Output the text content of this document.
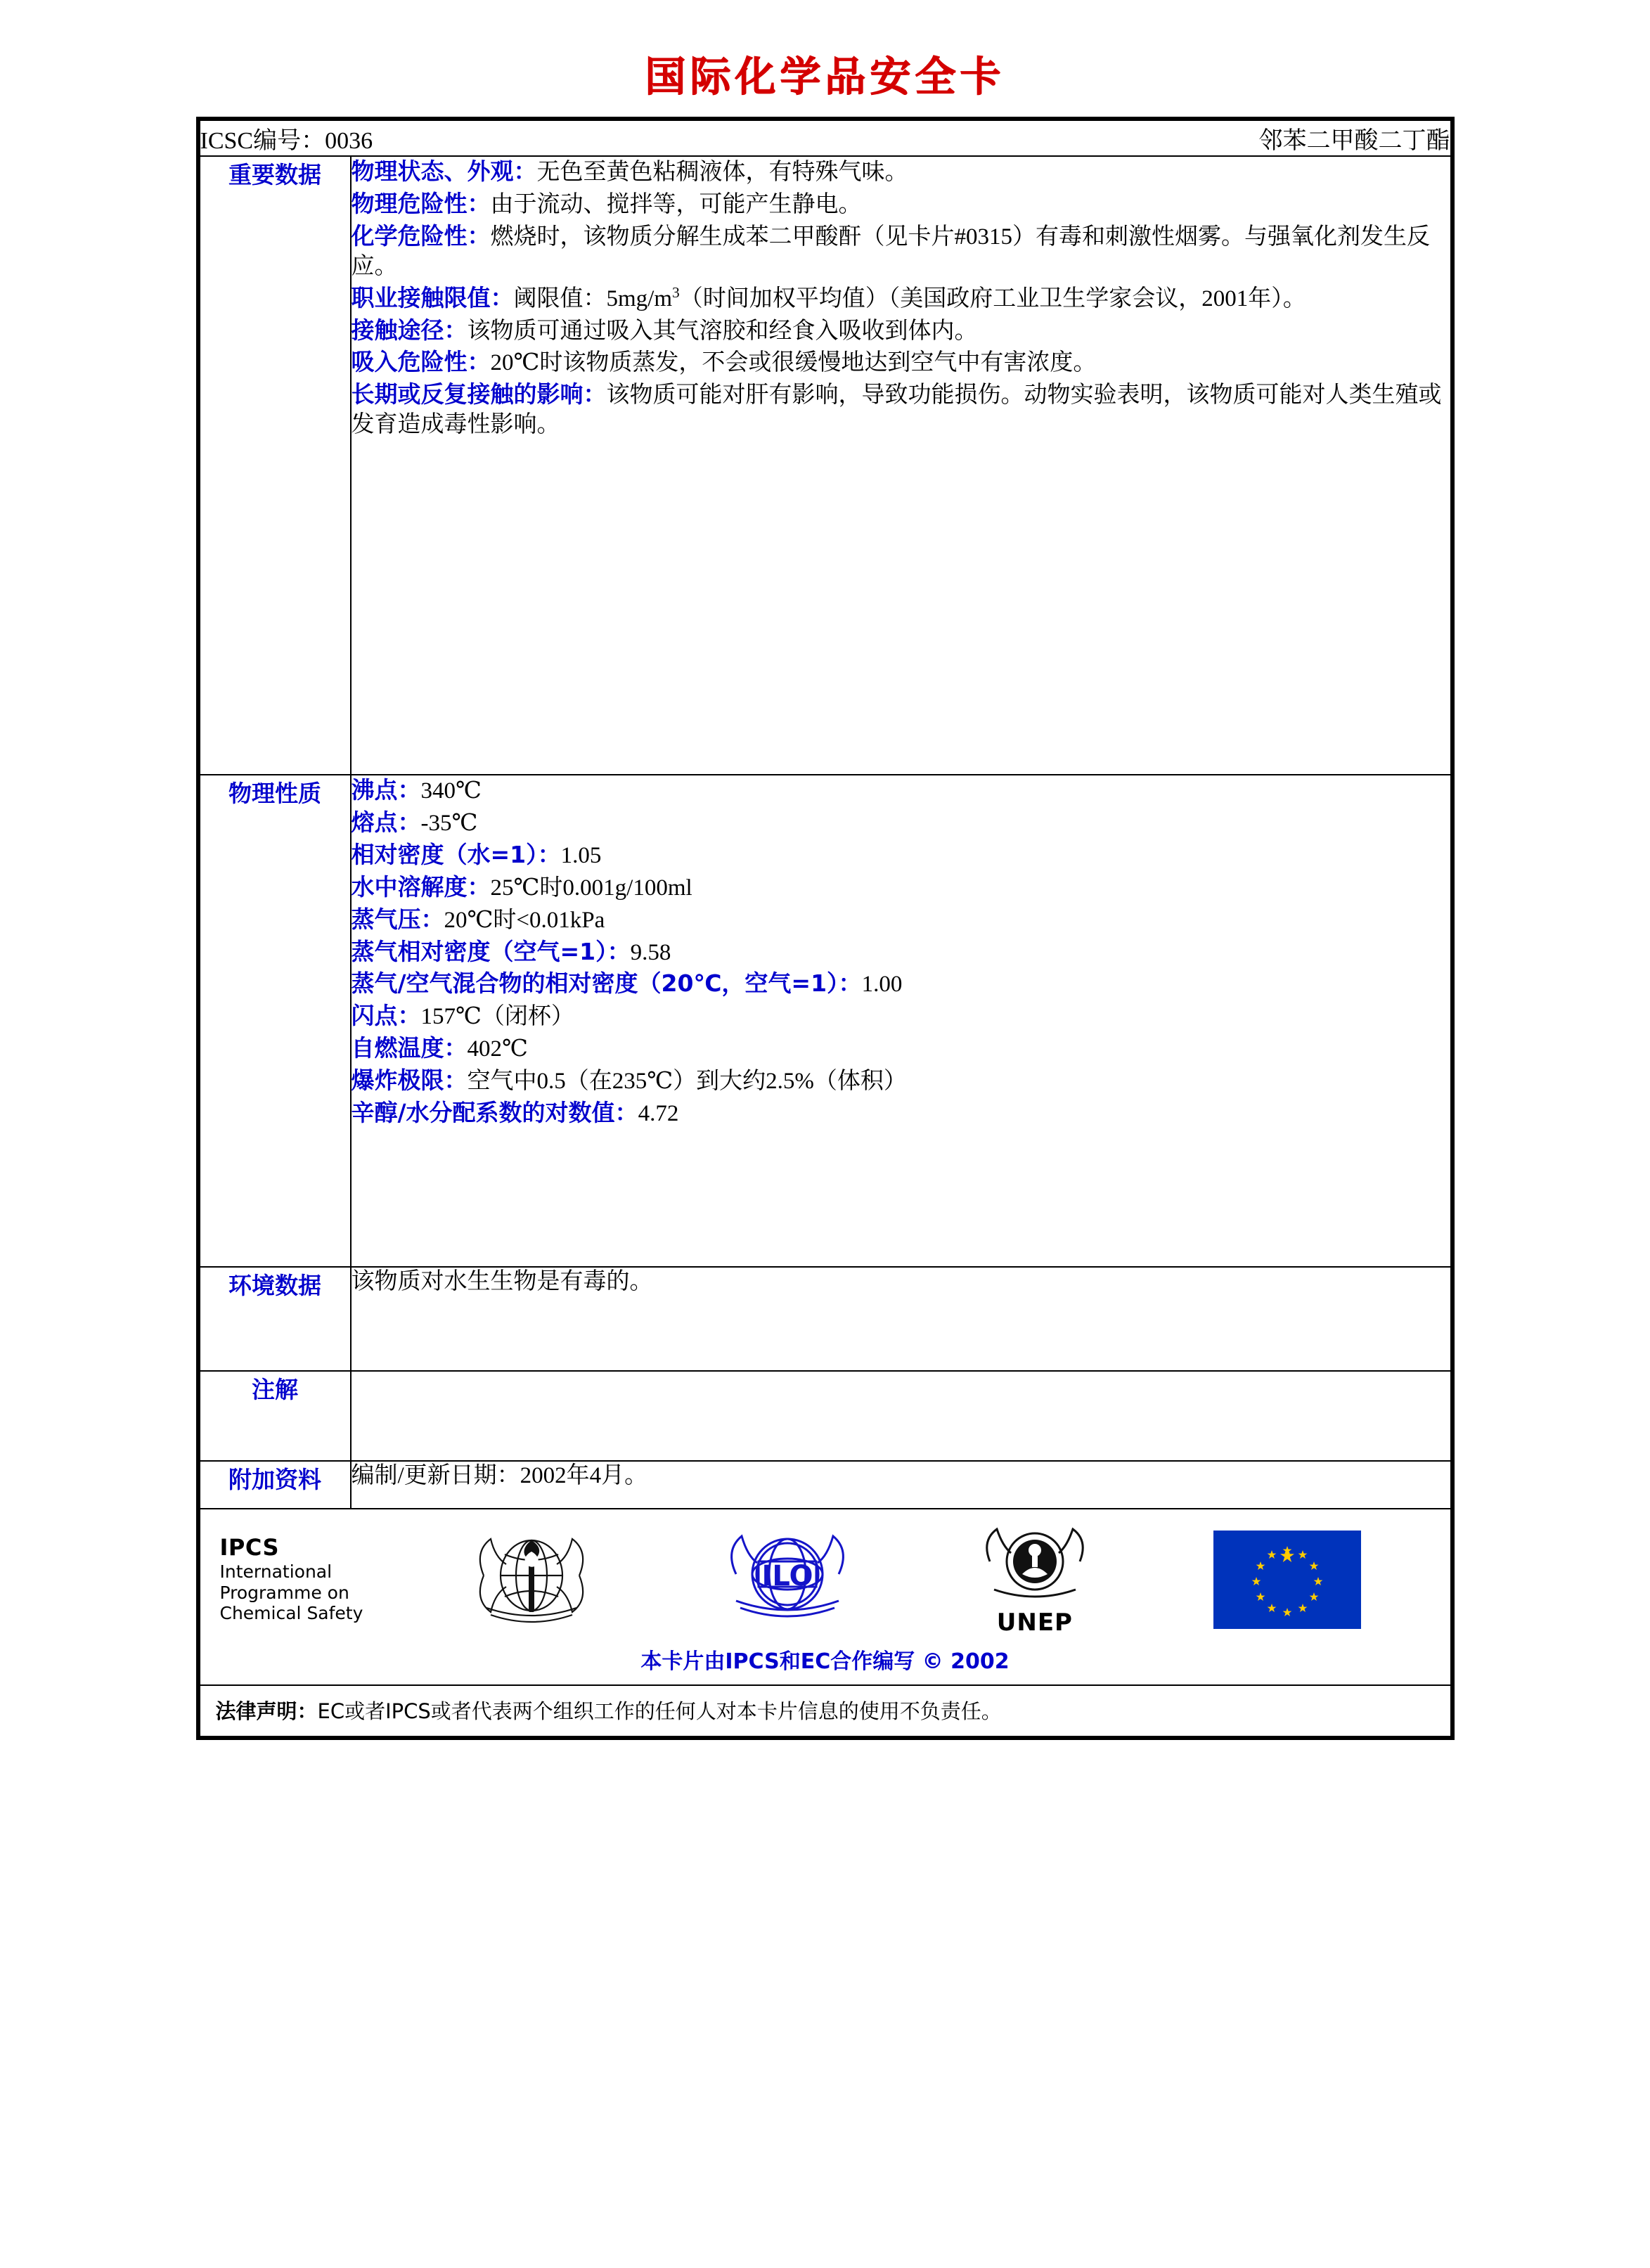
国际化学品安全卡
ICSC编号：0036 邻苯二甲酸二丁酯	

重要数据	物理状态、外观：无色至黄色粘稠液体，有特殊气味。

物理危险性：由于流动、搅拌等，可能产生静电。

化学危险性：燃烧时，该物质分解生成苯二甲酸酐（见卡片#0315）有毒和刺激性烟雾。与强氧化剂发生反应。

职业接触限值：阈限值：$5mg/m^3$（时间加权平均值）（美国政府工业卫生学家会议，2001年）。

接触途径：该物质可通过吸入其气溶胶和经食入吸收到体内。

吸入危险性：20℃时该物质蒸发，不会或很缓慢地达到空气中有害浓度。

长期或反复接触的影响：该物质可能对肝有影响，导致功能损伤。动物实验表明，该物质可能对人类生殖或发育造成毒性影响。

物理性质	沸点：340℃

熔点：-35℃

相对密度（水=1）：1.05

水中溶解度：25℃时0.001g/100ml

蒸气压：20℃时<0.01kPa

蒸气相对密度（空气=1）：9.58

蒸气/空气混合物的相对密度（20℃，空气=1）：1.00

闪点：157℃（闭杯）

自燃温度：402℃

爆炸极限：空气中0.5（在235℃）到大约2.5%（体积）

辛醇/水分配系数的对数值：4.72

环境数据	该物质对水生生物是有毒的。

注解	

附加资料	编制/更新日期：2002年4月。

IPCS
International
Programme on
Chemical Safety
ILO
UNEP
本卡片由IPCS和EC合作编写 © 2002

法律声明：EC或者IPCS或者代表两个组织工作的任何人对本卡片信息的使用不负责任。	
